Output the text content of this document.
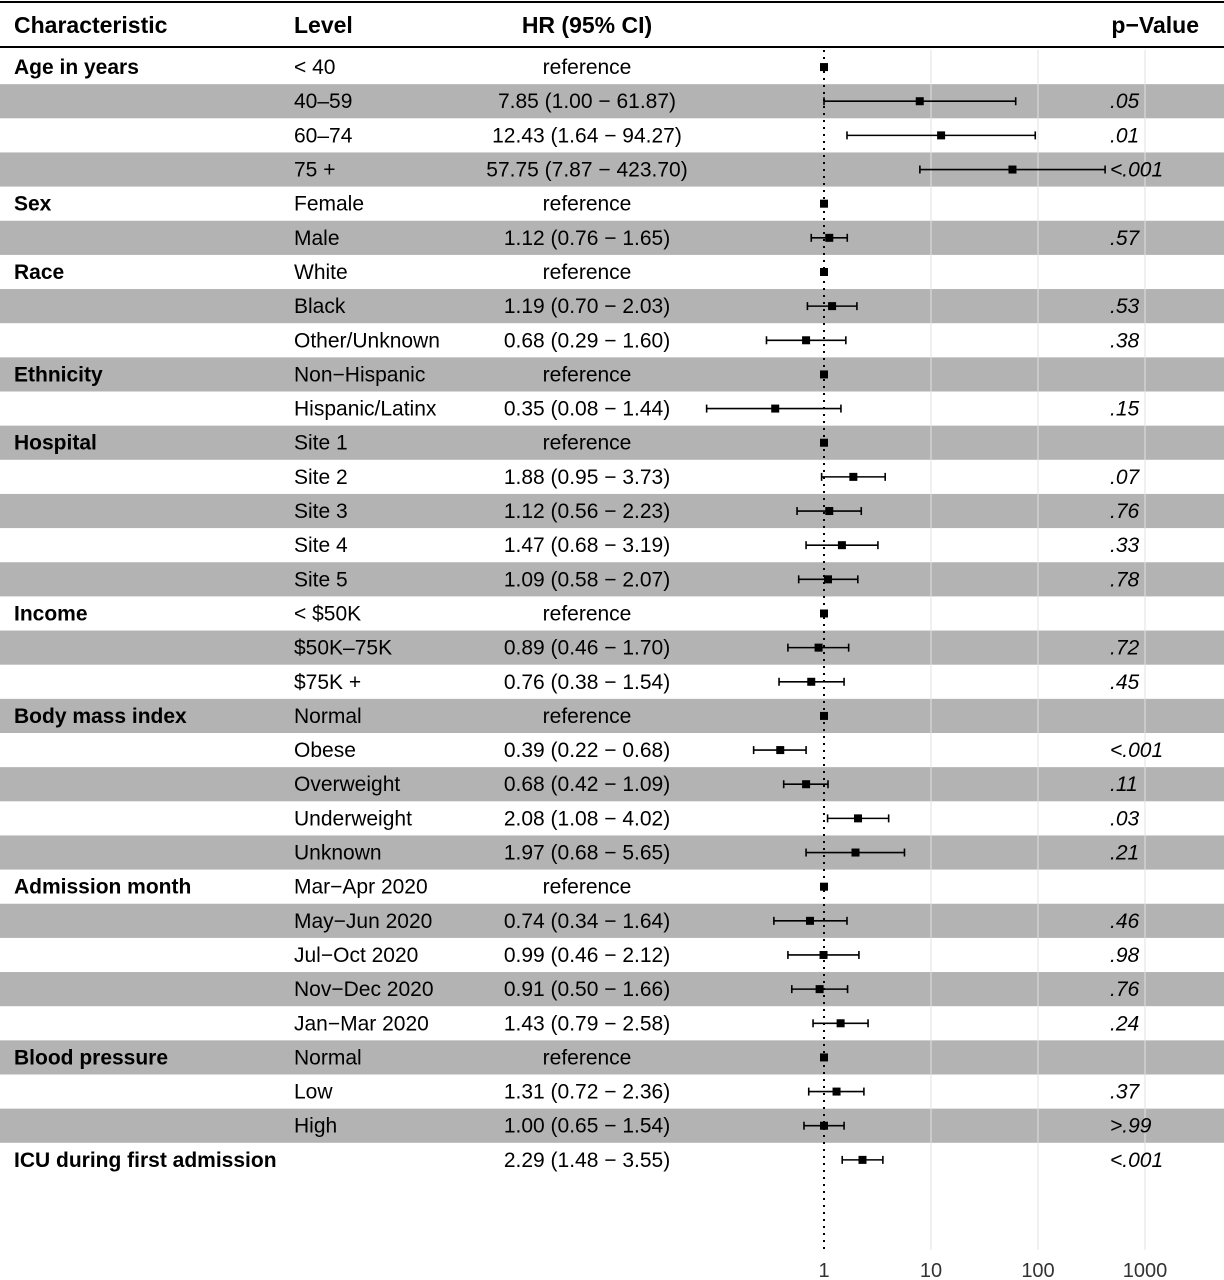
Characteristic	Level	HR (95% CI)	p−Value
Age in years	< 40	reference
40–59	7.85 (1.00 − 61.87)	.05
60–74	12.43 (1.64 − 94.27)	.01
75 +	57.75 (7.87 − 423.70)	<.001
Sex	Female	reference
Male	1.12 (0.76 − 1.65)	.57
Race	White	reference
Black	1.19 (0.70 − 2.03)	.53
Other/Unknown	0.68 (0.29 − 1.60)	.38
Ethnicity	Non−Hispanic	reference
Hispanic/Latinx	0.35 (0.08 − 1.44)	.15
Hospital	Site 1	reference
Site 2	1.88 (0.95 − 3.73)	.07
Site 3	1.12 (0.56 − 2.23)	.76
Site 4	1.47 (0.68 − 3.19)	.33
Site 5	1.09 (0.58 − 2.07)	.78
Income	< $50K	reference
$50K–75K	0.89 (0.46 − 1.70)	.72
$75K +	0.76 (0.38 − 1.54)	.45
Body mass index	Normal	reference
Obese	0.39 (0.22 − 0.68)	<.001
Overweight	0.68 (0.42 − 1.09)	.11
Underweight	2.08 (1.08 − 4.02)	.03
Unknown	1.97 (0.68 − 5.65)	.21
Admission month	Mar−Apr 2020	reference
May−Jun 2020	0.74 (0.34 − 1.64)	.46
Jul−Oct 2020	0.99 (0.46 − 2.12)	.98
Nov−Dec 2020	0.91 (0.50 − 1.66)	.76
Jan−Mar 2020	1.43 (0.79 − 2.58)	.24
Blood pressure	Normal	reference
Low	1.31 (0.72 − 2.36)	.37
High	1.00 (0.65 − 1.54)	>.99
ICU during first admission	2.29 (1.48 − 3.55)	<.001
1	10	100	1000
